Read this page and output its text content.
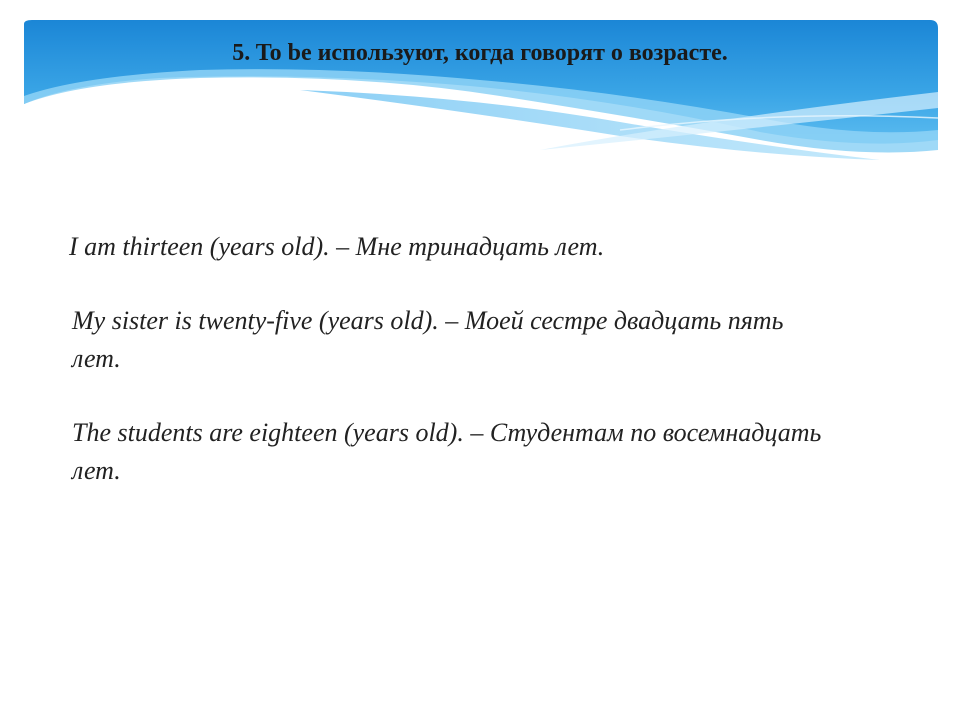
5. To be используют, когда говорят о возрасте.

I am thirteen (years old). – Мне тринадцать лет.

My sister is twenty-five (years old). – Моей сестре двадцать пять лет.

The students are eighteen (years old). – Студентам по восемнадцать лет.
